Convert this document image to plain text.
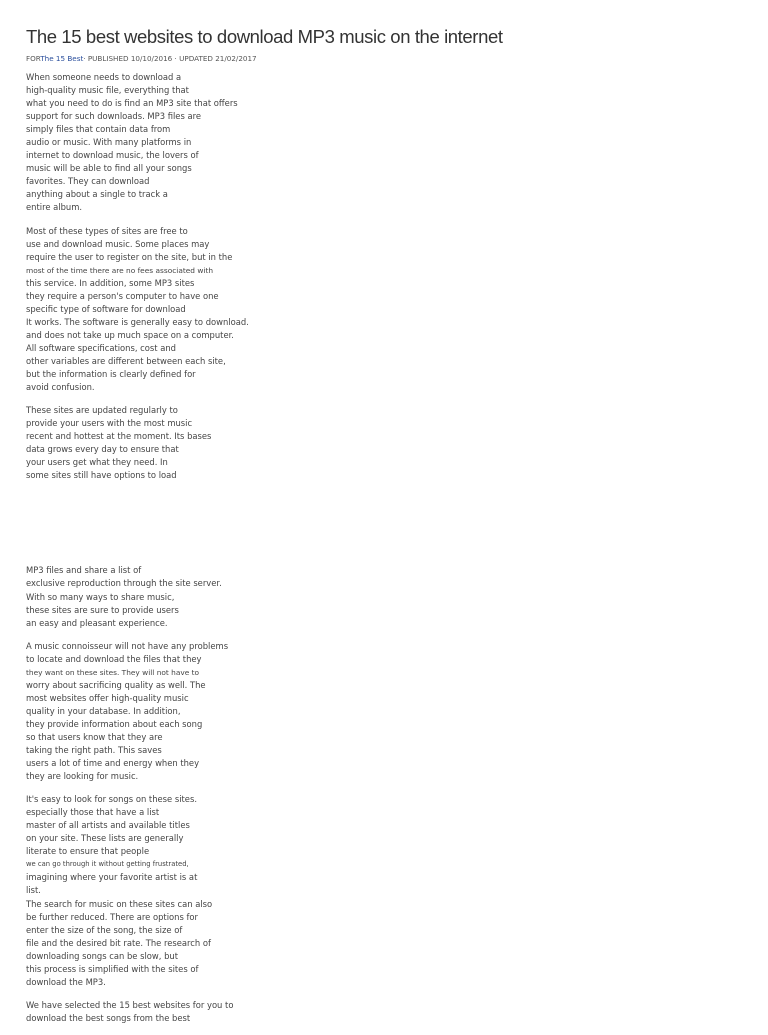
The 15 best websites to download MP3 music on the internet
FORThe 15 Best· PUBLISHED 10/10/2016 · UPDATED 21/02/2017
When someone needs to download a
high-quality music file, everything that
what you need to do is find an MP3 site that offers
support for such downloads. MP3 files are
simply files that contain data from
audio or music. With many platforms in
internet to download music, the lovers of
music will be able to find all your songs
favorites. They can download
anything about a single to track a
entire album.
Most of these types of sites are free to
use and download music. Some places may
require the user to register on the site, but in the
most of the time there are no fees associated with
this service. In addition, some MP3 sites
they require a person's computer to have one
specific type of software for download
It works. The software is generally easy to download.
and does not take up much space on a computer.
All software specifications, cost and
other variables are different between each site,
but the information is clearly defined for
avoid confusion.
These sites are updated regularly to
provide your users with the most music
recent and hottest at the moment. Its bases
data grows every day to ensure that
your users get what they need. In
some sites still have options to load
MP3 files and share a list of
exclusive reproduction through the site server.
With so many ways to share music,
these sites are sure to provide users
an easy and pleasant experience.
A music connoisseur will not have any problems
to locate and download the files that they
they want on these sites. They will not have to
worry about sacrificing quality as well. The
most websites offer high-quality music
quality in your database. In addition,
they provide information about each song
so that users know that they are
taking the right path. This saves
users a lot of time and energy when they
they are looking for music.
It's easy to look for songs on these sites.
especially those that have a list
master of all artists and available titles
on your site. These lists are generally
literate to ensure that people
we can go through it without getting frustrated,
imagining where your favorite artist is at
list.
The search for music on these sites can also
be further reduced. There are options for
enter the size of the song, the size of
file and the desired bit rate. The research of
downloading songs can be slow, but
this process is simplified with the sites of
download the MP3.
We have selected the 15 best websites for you to
download the best songs from the best
